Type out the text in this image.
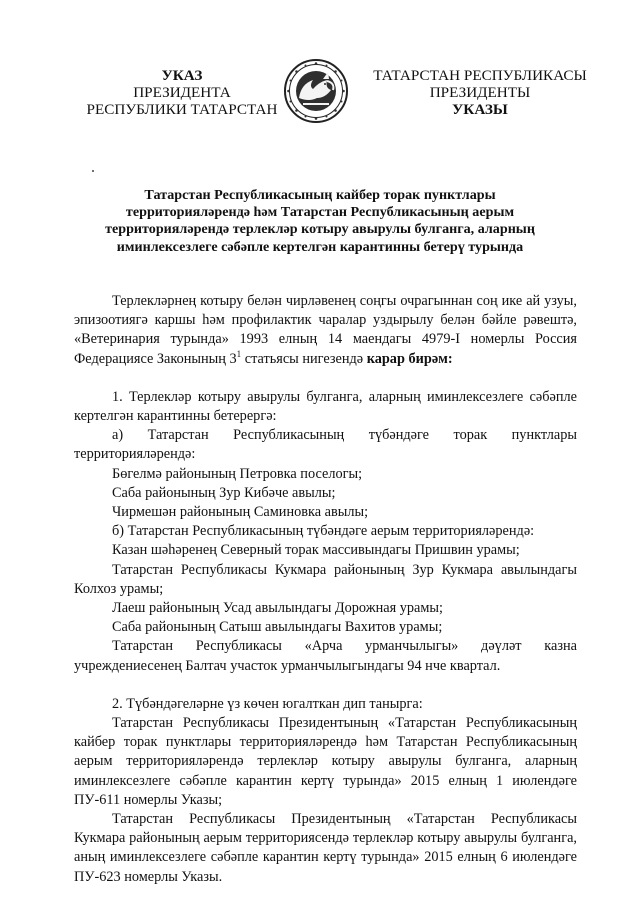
УКАЗ
ПРЕЗИДЕНТА
РЕСПУБЛИКИ ТАТАРСТАН
ТАТАРСТАН РЕСПУБЛИКАСЫ
ПРЕЗИДЕНТЫ
УКАЗЫ
Татарстан Республикасының кайбер торак пунктлары
территорияләрендә һәм Татарстан Республикасының аерым
территорияләрендә терлекләр котыру авырулы булганга, аларның
иминлексезлеге сәбәпле кертелгән карантинны бетерү турында

Терлекләрнең котыру белән чирләвенең соңгы очрагыннан соң ике ай узуы, эпизоотиягә каршы һәм профилактик чаралар уздырылу белән бәйле рәвештә, «Ветеринария турында» 1993 елның 14 маендагы 4979-I номерлы Россия Федерациясе Законының $3^1$ статьясы нигезендә карар бирәм:

1. Терлекләр котыру авырулы булганга, аларның иминлексезлеге сәбәпле кертелгән карантинны бетерергә:

а) Татарстан Республикасының түбәндәге торак пунктлары территорияләрендә:

Бөгелмә районының Петровка поселогы;

Саба районының Зур Кибәче авылы;

Чирмешән районының Саминовка авылы;

б) Татарстан Республикасының түбәндәге аерым территорияләрендә:

Казан шәһәренең Северный торак массивындагы Пришвин урамы;

Татарстан Республикасы Кукмара районының Зур Кукмара авылындагы Колхоз урамы;

Лаеш районының Усад авылындагы Дорожная урамы;

Саба районының Сатыш авылындагы Вахитов урамы;

Татарстан Республикасы «Арча урманчылыгы» дәүләт казна учреждениесенең Балтач участок урманчылыгындагы 94 нче квартал.

2. Түбәндәгеләрне үз көчен югалткан дип танырга:

Татарстан Республикасы Президентының «Татарстан Республикасының кайбер торак пунктлары территорияләрендә һәм Татарстан Республикасының аерым территорияләрендә терлекләр котыру авырулы булганга, аларның иминлексезлеге сәбәпле карантин кертү турында» 2015 елның 1 июлендәге ПУ-611 номерлы Указы;

Татарстан Республикасы Президентының «Татарстан Республикасы Кукмара районының аерым территориясендә терлекләр котыру авырулы булганга, аның иминлексезлеге сәбәпле карантин кертү турында» 2015 елның 6 июлендәге ПУ-623 номерлы Указы.
